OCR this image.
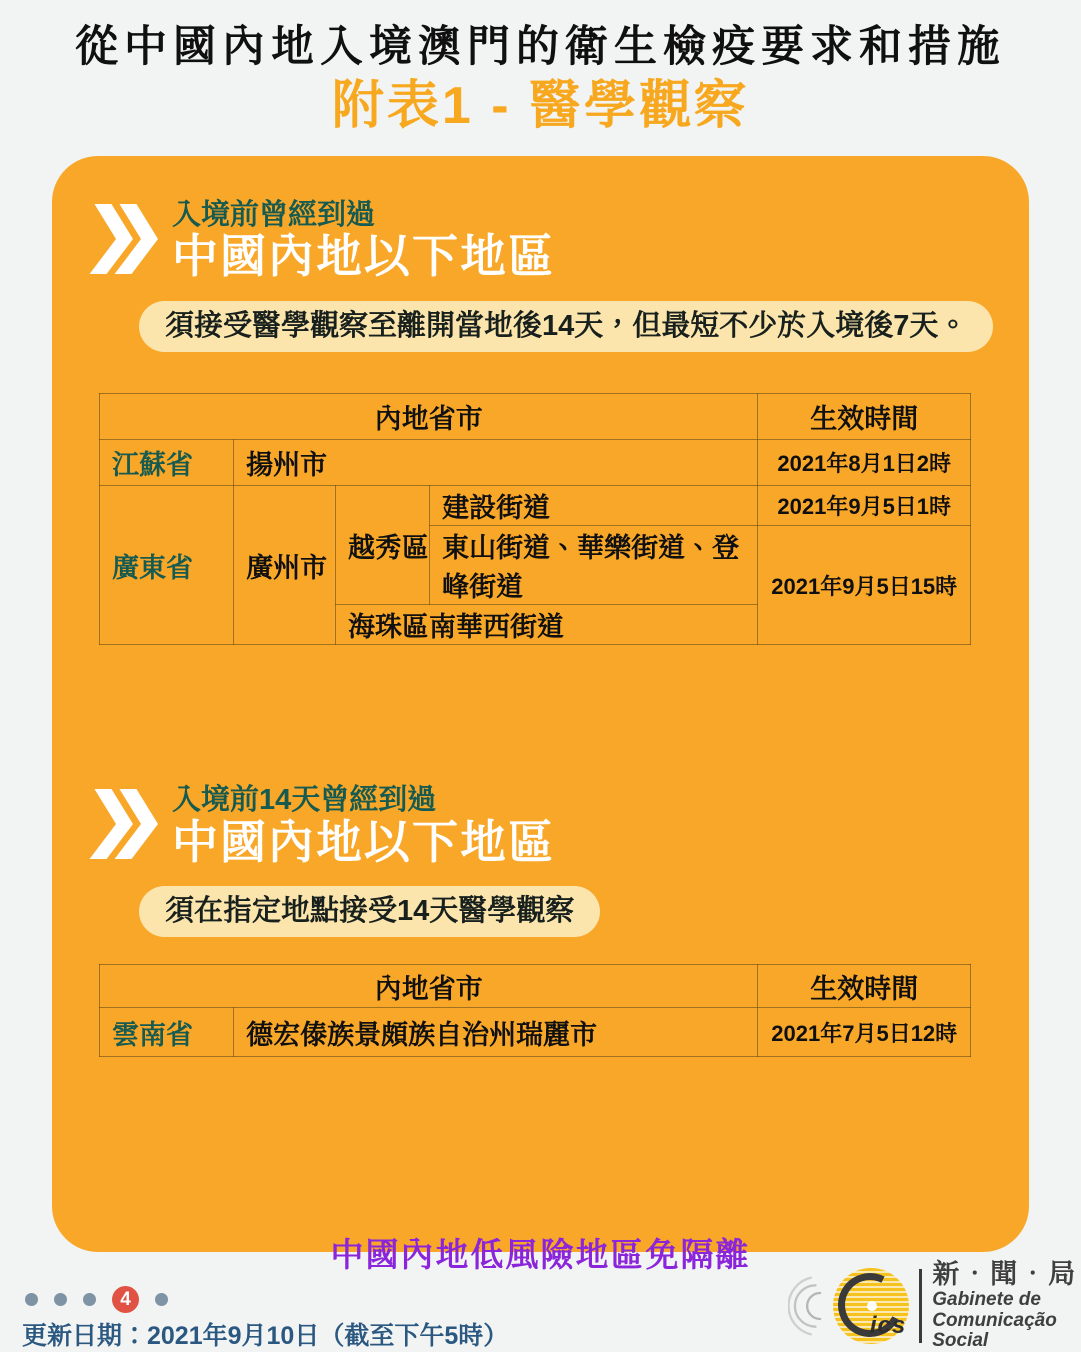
從中國內地入境澳門的衛生檢疫要求和措施
附表1 - 醫學觀察
入境前曾經到過
中國內地以下地區
須接受醫學觀察至離開當地後14天，但最短不少於入境後7天。
內地省市				生效時間
江蘇省	揚州市			2021年8月1日2時
廣東省	廣州市	越秀區	建設街道	2021年9月5日1時
			東山街道、華樂街道、登峰街道	2021年9月5日15時
		海珠區南華西街道		
入境前14天曾經到過
中國內地以下地區
須在指定地點接受14天醫學觀察
內地省市		生效時間
雲南省	德宏傣族景頗族自治州瑞麗市	2021年7月5日12時
中國內地低風險地區免隔離
4
更新日期：2021年9月10日（截至下午5時）	ics
新‧聞‧局
Gabinete de
Comunicação Social
